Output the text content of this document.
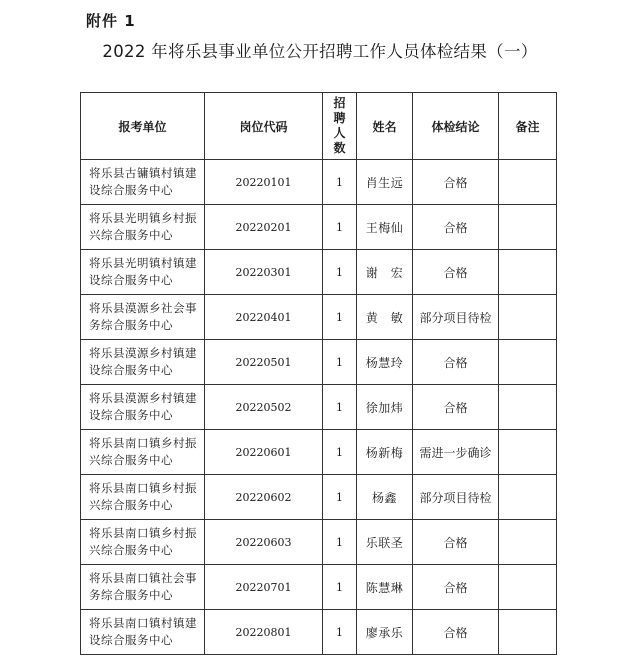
附件 1
2022 年将乐县事业单位公开招聘工作人员体检结果（一）
报考单位	岗位代码	招
聘
人
数	姓名	体检结论	备注

将乐县古镛镇村镇建
设综合服务中心	20220101	1	肖生远	合格	

将乐县光明镇乡村振
兴综合服务中心	20220201	1	王梅仙	合格	

将乐县光明镇村镇建
设综合服务中心	20220301	1	谢　宏	合格	

将乐县漠源乡社会事
务综合服务中心	20220401	1	黄　敏	部分项目待检	

将乐县漠源乡村镇建
设综合服务中心	20220501	1	杨慧玲	合格	

将乐县漠源乡村镇建
设综合服务中心	20220502	1	徐加炜	合格	

将乐县南口镇乡村振
兴综合服务中心	20220601	1	杨新梅	需进一步确诊	

将乐县南口镇乡村振
兴综合服务中心	20220602	1	杨鑫	部分项目待检	

将乐县南口镇乡村振
兴综合服务中心	20220603	1	乐联圣	合格	

将乐县南口镇社会事
务综合服务中心	20220701	1	陈慧琳	合格	

将乐县南口镇村镇建
设综合服务中心	20220801	1	廖承乐	合格	
